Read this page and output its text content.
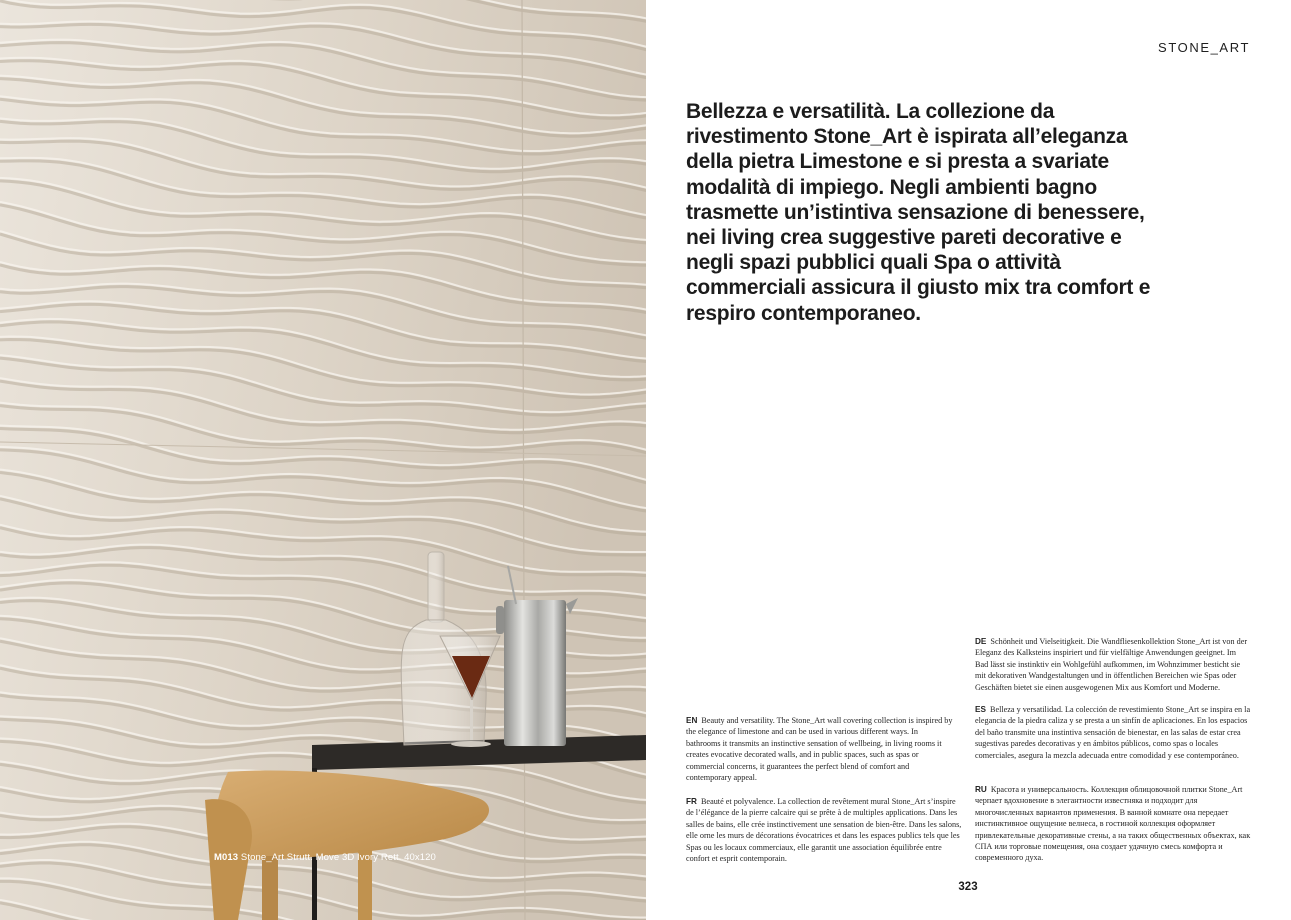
M013 Stone_Art Strutt. Move 3D Ivory Rett. 40x120
STONE_ART
Bellezza e versatilità. La collezione da rivestimento Stone_Art è ispirata all’eleganza della pietra Limestone e si presta a svariate modalità di impiego. Negli ambienti bagno trasmette un’istintiva sensazione di benessere, nei living crea suggestive pareti decorative e negli spazi pubblici quali Spa o attività commerciali assicura il giusto mix tra comfort e respiro contemporaneo.
EN Beauty and versatility. The Stone_Art wall covering collection is inspired by the elegance of limestone and can be used in various different ways. In bathrooms it transmits an instinctive sensation of wellbeing, in living rooms it creates evocative decorated walls, and in public spaces, such as spas or commercial concerns, it guarantees the perfect blend of comfort and contemporary appeal.
FR Beauté et polyvalence. La collection de revêtement mural Stone_Art s’inspire de l’élégance de la pierre calcaire qui se prête à de multiples applications. Dans les salles de bains, elle crée instinctivement une sensation de bien-être. Dans les salons, elle orne les murs de décorations évocatrices et dans les espaces publics tels que les Spas ou les locaux commerciaux, elle garantit une association équilibrée entre confort et esprit contemporain.
DE Schönheit und Vielseitigkeit. Die Wandfliesenkollektion Stone_Art ist von der Eleganz des Kalksteins inspiriert und für vielfältige Anwendungen geeignet. Im Bad lässt sie instinktiv ein Wohlgefühl aufkommen, im Wohnzimmer besticht sie mit dekorativen Wandgestaltungen und in öffentlichen Bereichen wie Spas oder Geschäften bietet sie einen ausgewogenen Mix aus Komfort und Moderne.
ES Belleza y versatilidad. La colección de revestimiento Stone_Art se inspira en la elegancia de la piedra caliza y se presta a un sinfín de aplicaciones. En los espacios del baño transmite una instintiva sensación de bienestar, en las salas de estar crea sugestivas paredes decorativas y en ámbitos públicos, como spas o locales comerciales, asegura la mezcla adecuada entre comodidad y ese contemporáneo.
RU Красота и универсальность. Коллекция облицовочной плитки Stone_Art черпает вдохновение в элегантности известняка и подходит для многочисленных вариантов применения. В ванной комнате она передает инстинктивное ощущение велнеса, в гостиной коллекция оформляет привлекательные декоративные стены, а на таких общественных объектах, как СПА или торговые помещения, она создает удачную смесь комфорта и современного духа.
323
